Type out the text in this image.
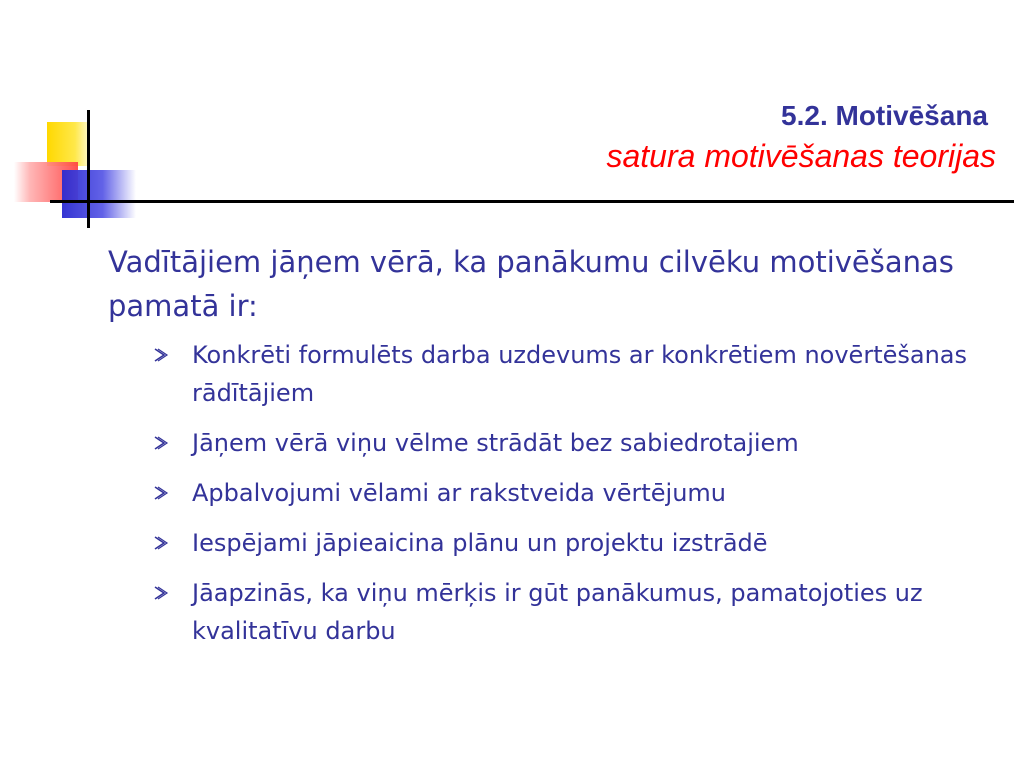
5.2. Motivēšana
satura motivēšanas teorijas

Vadītājiem jāņem vērā, ka panākumu cilvēku motivēšanas pamatā ir:

Konkrēti formulēts darba uzdevums ar konkrētiem novērtēšanas rādītājiem
Jāņem vērā viņu vēlme strādāt bez sabiedrotajiem
Apbalvojumi vēlami ar rakstveida vērtējumu
Iespējami jāpieaicina plānu un projektu izstrādē
Jāapzinās, ka viņu mērķis ir gūt panākumus, pamatojoties uz kvalitatīvu darbu
